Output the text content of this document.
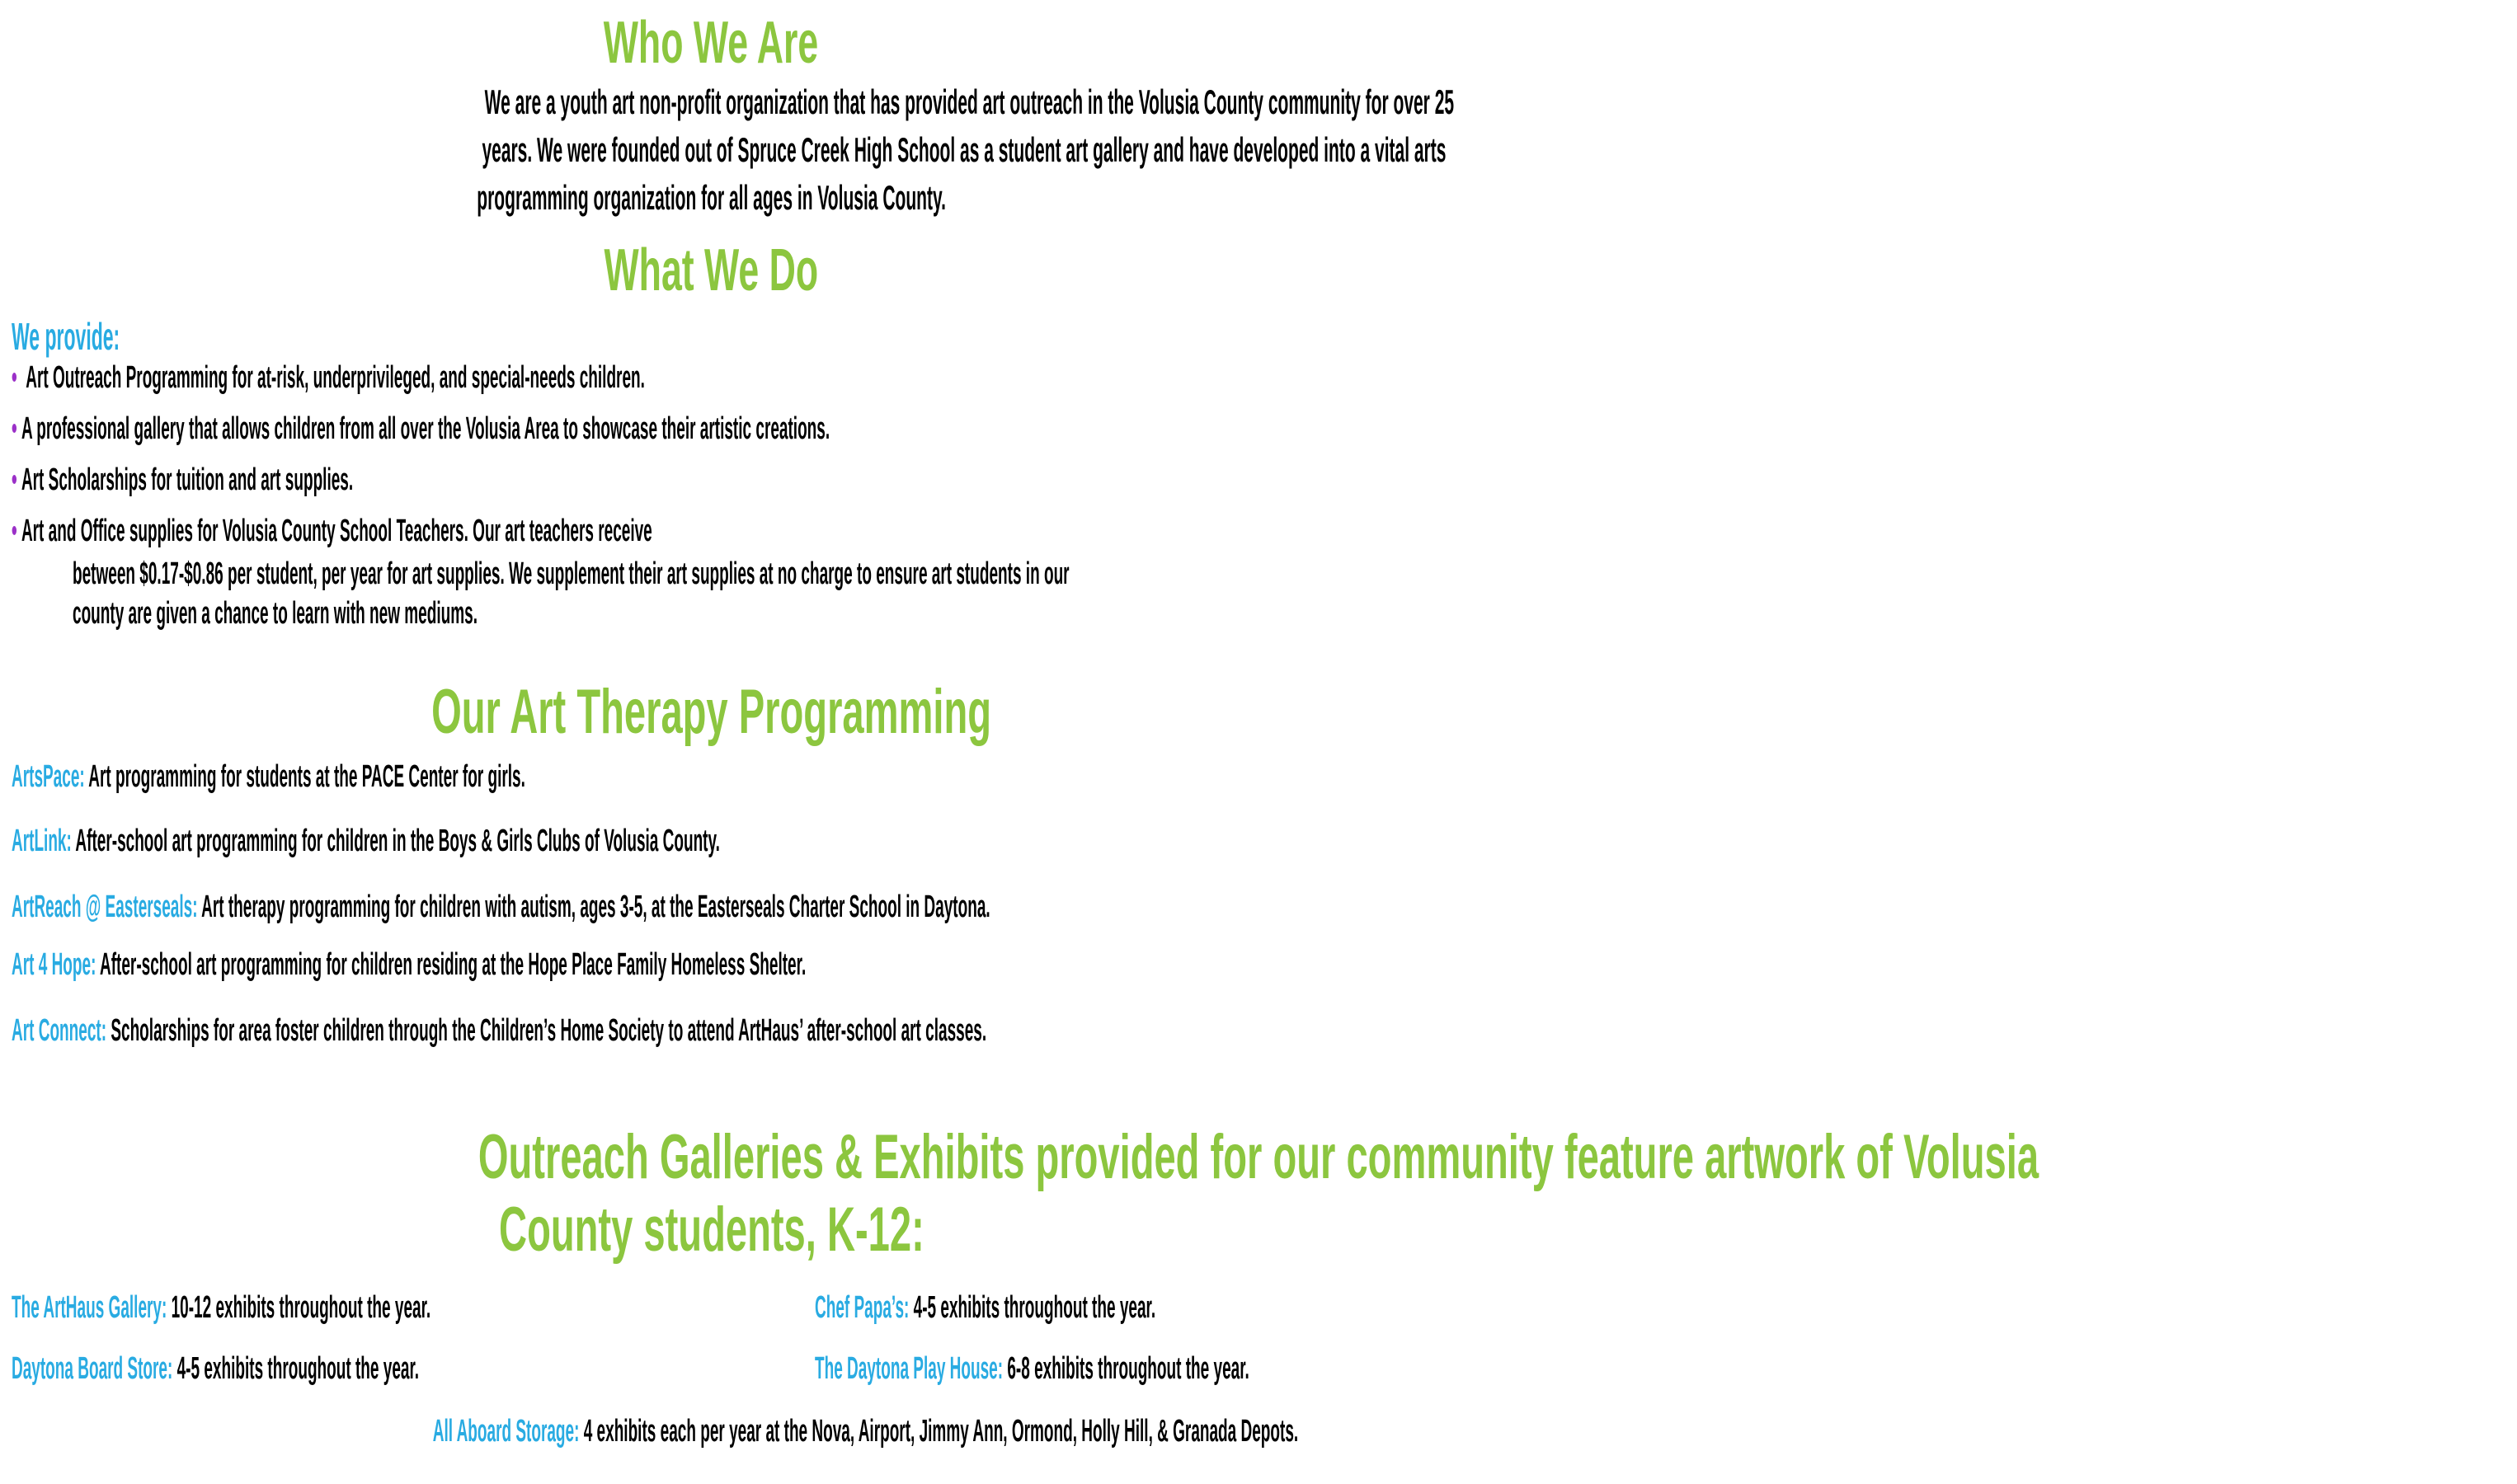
Who We Are
We are a youth art non-profit organization that has provided art outreach in the Volusia County community for over 25
years. We were founded out of Spruce Creek High School as a student art gallery and have developed into a vital arts
programming organization for all ages in Volusia County.
What We Do
We provide:
• Art Outreach Programming for at-risk, underprivileged, and special-needs children.
• A professional gallery that allows children from all over the Volusia Area to showcase their artistic creations.
• Art Scholarships for tuition and art supplies.
• Art and Office supplies for Volusia County School Teachers. Our art teachers receive
between $0.17-$0.86 per student, per year for art supplies. We supplement their art supplies at no charge to ensure art students in our
county are given a chance to learn with new mediums.
Our Art Therapy Programming
ArtsPace: Art programming for students at the PACE Center for girls.
ArtLink: After-school art programming for children in the Boys & Girls Clubs of Volusia County.
ArtReach @ Easterseals: Art therapy programming for children with autism, ages 3-5, at the Easterseals Charter School in Daytona.
Art 4 Hope: After-school art programming for children residing at the Hope Place Family Homeless Shelter.
Art Connect: Scholarships for area foster children through the Children’s Home Society to attend ArtHaus’ after-school art classes.
Outreach Galleries & Exhibits provided for our community feature artwork of Volusia
County students, K-12:
The ArtHaus Gallery: 10-12 exhibits throughout the year.	Chef Papa’s: 4-5 exhibits throughout the year.
Daytona Board Store: 4-5 exhibits throughout the year.	The Daytona Play House: 6-8 exhibits throughout the year.
All Aboard Storage: 4 exhibits each per year at the Nova, Airport, Jimmy Ann, Ormond, Holly Hill, & Granada Depots.
